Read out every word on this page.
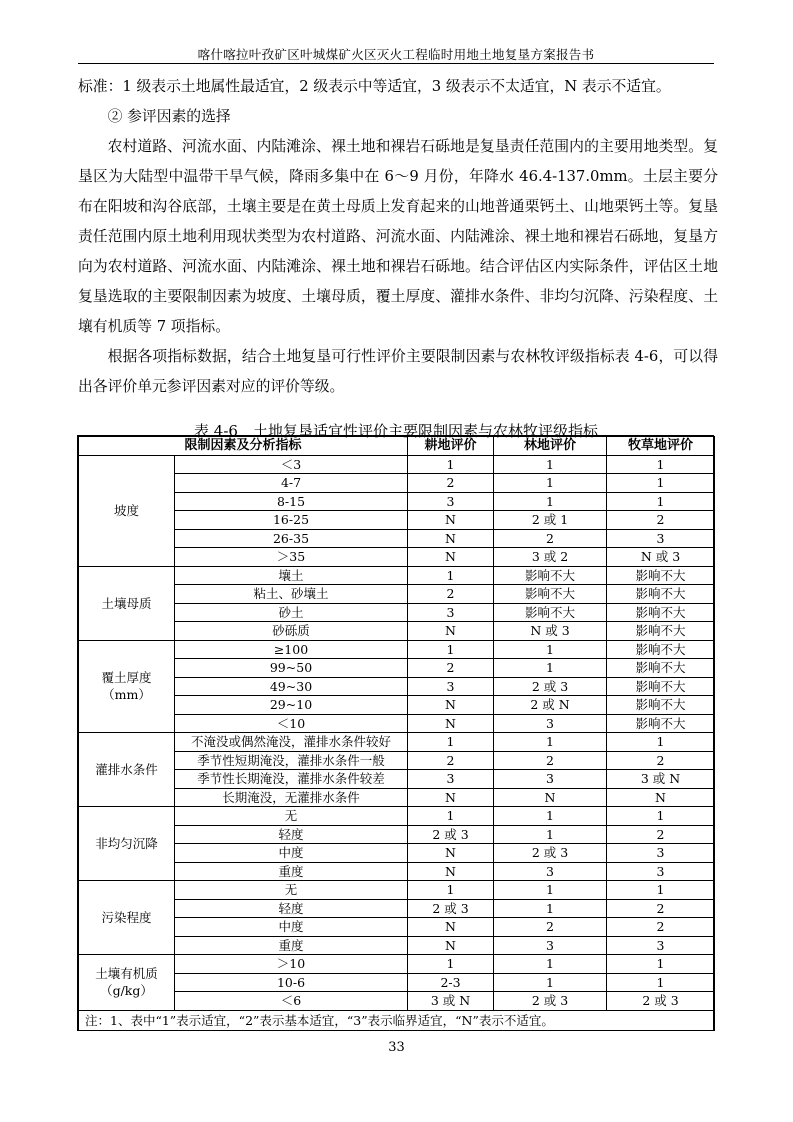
喀什喀拉叶孜矿区叶城煤矿火区灭火工程临时用地土地复垦方案报告书

标准：1 级表示土地属性最适宜，2 级表示中等适宜，3 级表示不太适宜，N 表示不适宜。

② 参评因素的选择

农村道路、河流水面、内陆滩涂、裸土地和裸岩石砾地是复垦责任范围内的主要用地类型。复垦区为大陆型中温带干旱气候，降雨多集中在 6～9 月份，年降水 46.4-137.0mm。土层主要分布在阳坡和沟谷底部，土壤主要是在黄土母质上发育起来的山地普通栗钙土、山地栗钙土等。复垦责任范围内原土地利用现状类型为农村道路、河流水面、内陆滩涂、裸土地和裸岩石砾地，复垦方向为农村道路、河流水面、内陆滩涂、裸土地和裸岩石砾地。结合评估区内实际条件，评估区土地复垦选取的主要限制因素为坡度、土壤母质，覆土厚度、灌排水条件、非均匀沉降、污染程度、土壤有机质等 7 项指标。

根据各项指标数据，结合土地复垦可行性评价主要限制因素与农林牧评级指标表 4-6，可以得出各评价单元参评因素对应的评价等级。

表 4-6　土地复垦适宜性评价主要限制因素与农林牧评级指标
限制因素及分析指标		耕地评价	林地评价	牧草地评价

坡度	＜3	1	1	1
	4-7	2	1	1
	8-15	3	1	1
	16-25	N	2 或 1	2
	26-35	N	2	3
	＞35	N	3 或 2	N 或 3

土壤母质	壤土	1	影响不大	影响不大
	粘土、砂壤土	2	影响不大	影响不大
	砂土	3	影响不大	影响不大
	砂砾质	N	N 或 3	影响不大

覆土厚度
（mm）	≥100	1	1	影响不大
	99~50	2	1	影响不大
	49~30	3	2 或 3	影响不大
	29~10	N	2 或 N	影响不大
	＜10	N	3	影响不大

灌排水条件	不淹没或偶然淹没，灌排水条件较好	1	1	1
	季节性短期淹没，灌排水条件一般	2	2	2
	季节性长期淹没，灌排水条件较差	3	3	3 或 N
	长期淹没，无灌排水条件	N	N	N

非均匀沉降	无	1	1	1
	轻度	2 或 3	1	2
	中度	N	2 或 3	3
	重度	N	3	3

污染程度	无	1	1	1
	轻度	2 或 3	1	2
	中度	N	2	2
	重度	N	3	3

土壤有机质
（g/kg）	＞10	1	1	1
	10-6	2-3	1	1
	＜6	3 或 N	2 或 3	2 或 3
注：1、表中“1”表示适宜，“2”表示基本适宜，“3”表示临界适宜，“N”表示不适宜。				
33
